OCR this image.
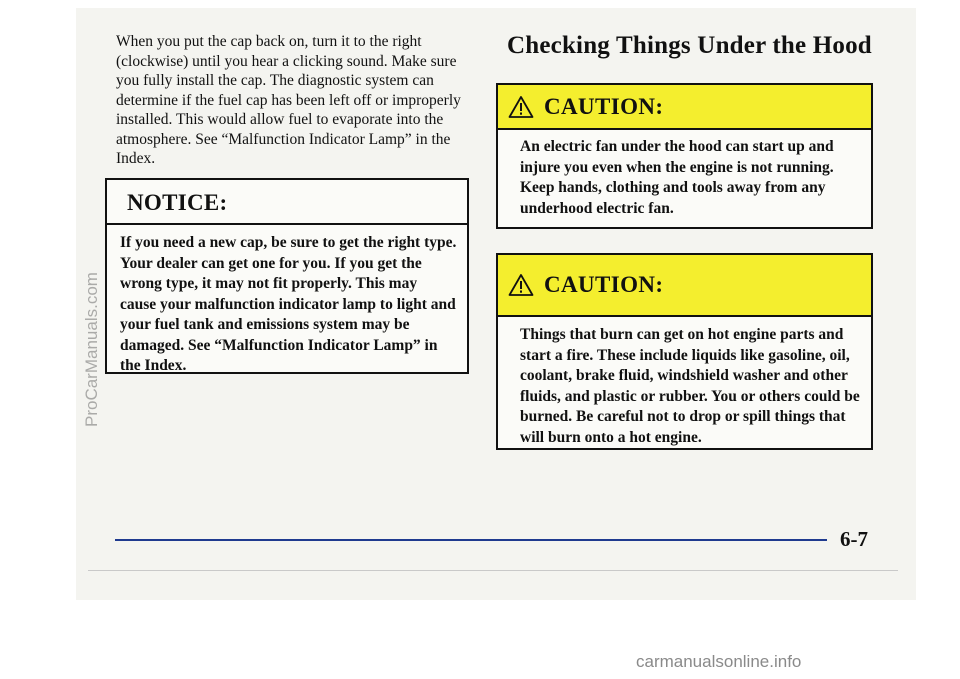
ProCarManuals.com

When you put the cap back on, turn it to the right (clockwise) until you hear a clicking sound. Make sure you fully install the cap. The diagnostic system can determine if the fuel cap has been left off or improperly installed. This would allow fuel to evaporate into the atmosphere. See “Malfunction Indicator Lamp” in the Index.

NOTICE:
If you need a new cap, be sure to get the right type. Your dealer can get one for you. If you get the wrong type, it may not fit properly. This may cause your malfunction indicator lamp to light and your fuel tank and emissions system may be damaged. See “Malfunction Indicator Lamp” in the Index.
Checking Things Under the Hood
CAUTION:
An electric fan under the hood can start up and injure you even when the engine is not running. Keep hands, clothing and tools away from any underhood electric fan.
CAUTION:
Things that burn can get on hot engine parts and start a fire. These include liquids like gasoline, oil, coolant, brake fluid, windshield washer and other fluids, and plastic or rubber. You or others could be burned. Be careful not to drop or spill things that will burn onto a hot engine.
6-7
carmanualsonline.info
